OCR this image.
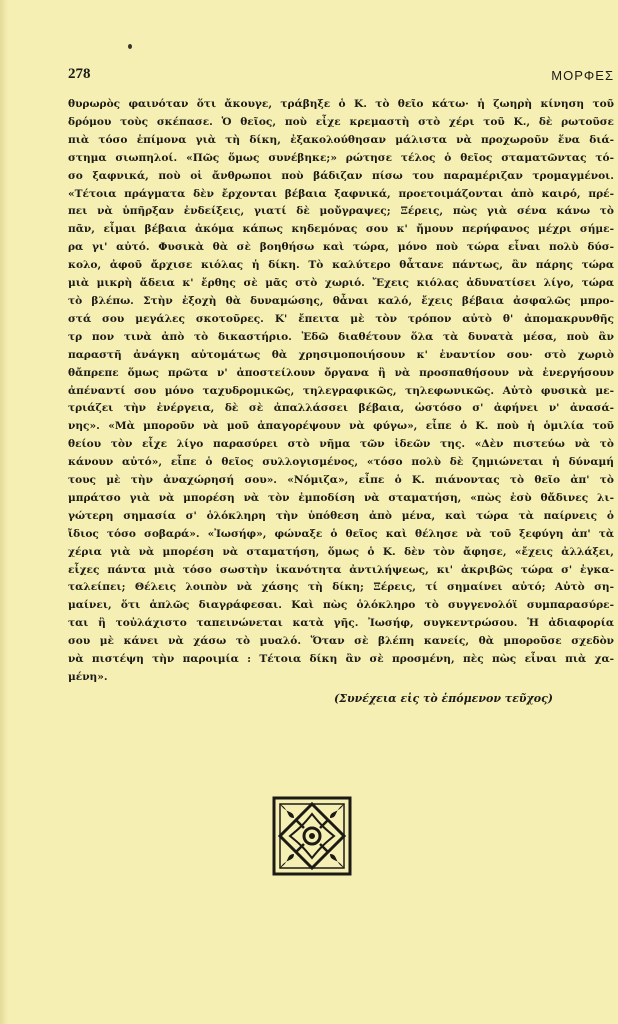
278	ΜΟΡΦΕΣ
θυρωρὸς φαινόταν ὅτι ἄκουγε, τράβηξε ὁ Κ. τὸ θεῖο κάτω· ἡ ζωηρὴ κίνηση τοῦ
δρόμου τοὺς σκέπασε. Ὁ θεῖος, ποὺ εἶχε κρεμαστὴ στὸ χέρι τοῦ Κ., δὲ ρωτοῦσε
πιὰ τόσο ἐπίμονα γιὰ τὴ δίκη, ἐξακολούθησαν μάλιστα νὰ προχωροῦν ἕνα διά-
στημα σιωπηλοί. «Πῶς ὅμως συνέβηκε;» ρώτησε τέλος ὁ θεῖος σταματῶντας τό-
σο ξαφνικά, ποὺ οἱ ἄνθρωποι ποὺ βάδιζαν πίσω του παραμέριζαν τρομαγμένοι.
«Τέτοια πράγματα δὲν ἔρχονται βέβαια ξαφνικά, προετοιμάζονται ἀπὸ καιρό, πρέ-
πει νὰ ὑπῆρξαν ἐνδείξεις, γιατί δὲ μοὔγραψες; Ξέρεις, πὼς γιὰ σένα κάνω τὸ
πᾶν, εἶμαι βέβαια ἀκόμα κάπως κηδεμόνας σου κ' ἤμουν περήφανος μέχρι σήμε-
ρα γι' αὐτό. Φυσικὰ θὰ σὲ βοηθήσω καὶ τώρα, μόνο ποὺ τώρα εἶναι πολὺ δύσ-
κολο, ἀφοῦ ἄρχισε κιόλας ἡ δίκη. Τὸ καλύτερο θἆτανε πάντως, ἂν πάρης τώρα
μιὰ μικρὴ ἄδεια κ' ἔρθης σὲ μᾶς στὸ χωριό. Ἔχεις κιόλας ἀδυνατίσει λίγο, τώρα
τὸ βλέπω. Στὴν ἐξοχὴ θὰ δυναμώσης, θἆναι καλό, ἔχεις βέβαια ἀσφαλῶς μπρο-
στά σου μεγάλες σκοτοῦρες. Κ' ἔπειτα μὲ τὸν τρόπον αὐτὸ θ' ἀπομακρυνθῆς
τρ πον τινὰ ἀπὸ τὸ δικαστήριο. Ἐδῶ διαθέτουν ὅλα τὰ δυνατὰ μέσα, ποὺ ἂν
παραστῆ ἀνάγκη αὐτομάτως θὰ χρησιμοποιήσουν κ' ἐναντίον σου· στὸ χωριὸ
θἄπρεπε ὅμως πρῶτα ν' ἀποστείλουν ὄργανα ἢ νὰ προσπαθήσουν νὰ ἐνεργήσουν
ἀπέναντί σου μόνο ταχυδρομικῶς, τηλεγραφικῶς, τηλεφωνικῶς. Αὐτὸ φυσικὰ με-
τριάζει τὴν ἐνέργεια, δὲ σὲ ἀπαλλάσσει βέβαια, ὡστόσο σ' ἀφήνει ν' ἀνασά-
νης». «Μὰ μποροῦν νὰ μοῦ ἀπαγορέψουν νὰ φύγω», εἶπε ὁ Κ. ποὺ ἡ ὁμιλία τοῦ
θείου τὸν εἶχε λίγο παρασύρει στὸ νῆμα τῶν ἰδεῶν της. «Δὲν πιστεύω νὰ τὸ
κάνουν αὐτό», εἶπε ὁ θεῖος συλλογισμένος, «τόσο πολὺ δὲ ζημιώνεται ἡ δύναμή
τους μὲ τὴν ἀναχώρησή σου». «Νόμιζα», εἶπε ὁ Κ. πιάνοντας τὸ θεῖο ἀπ' τὸ
μπράτσο γιὰ νὰ μπορέση νὰ τὸν ἐμποδίση νὰ σταματήση, «πὼς ἐσὺ θἄδινες λι-
γώτερη σημασία σ' ὁλόκληρη τὴν ὑπόθεση ἀπὸ μένα, καὶ τώρα τὰ παίρνεις ὁ
ἴδιος τόσο σοβαρά». «Ἰωσήφ», φώναξε ὁ θεῖος καὶ θέλησε νὰ τοῦ ξεφύγη ἀπ' τὰ
χέρια γιὰ νὰ μπορέση νὰ σταματήση, ὅμως ὁ Κ. δὲν τὸν ἄφησε, «ἔχεις ἀλλάξει,
εἶχες πάντα μιὰ τόσο σωστὴν ἱκανότητα ἀντιλήψεως, κι' ἀκριβῶς τώρα σ' ἐγκα-
ταλείπει; Θέλεις λοιπὸν νὰ χάσης τὴ δίκη; Ξέρεις, τί σημαίνει αὐτό; Αὐτὸ ση-
μαίνει, ὅτι ἁπλῶς διαγράφεσαι. Καὶ πὼς ὁλόκληρο τὸ συγγενολόϊ συμπαρασύρε-
ται ἢ τοὐλάχιστο ταπεινώνεται κατὰ γῆς. Ἰωσήφ, συγκεντρώσου. Ἡ ἀδιαφορία
σου μὲ κάνει νὰ χάσω τὸ μυαλό. Ὅταν σὲ βλέπη κανείς, θὰ μποροῦσε σχεδὸν
νὰ πιστέψη τὴν παροιμία : Τέτοια δίκη ἂν σὲ προσμένη, πὲς πὼς εἶναι πιὰ χα-
μένη».
(Συνέχεια εἰς τὸ ἑπόμενον τεῦχος)
